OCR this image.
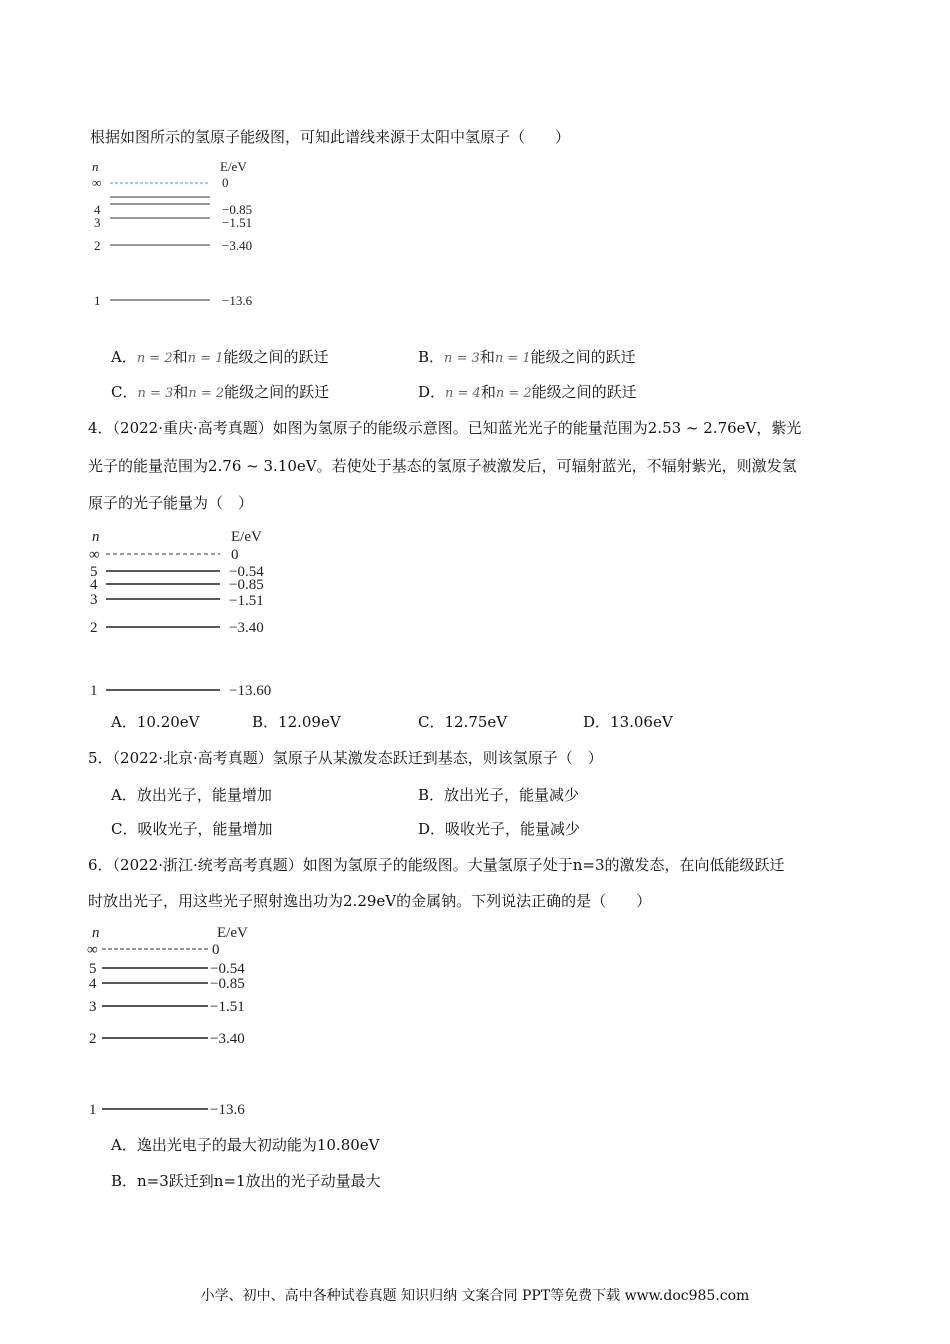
根据如图所示的氢原子能级图，可知此谱线来源于太阳中氢原子（　　）
n	E/eV
∞	0
4	−0.85
3	−1.51
2	−3.40
1	−13.6
A．n = 2和n = 1能级之间的跃迁	B．n = 3和n = 1能级之间的跃迁
C．n = 3和n = 2能级之间的跃迁	D．n = 4和n = 2能级之间的跃迁
4．（2022·重庆·高考真题）如图为氢原子的能级示意图。已知蓝光光子的能量范围为2.53 ~ 2.76eV，紫光
光子的能量范围为2.76 ~ 3.10eV。若使处于基态的氢原子被激发后，可辐射蓝光，不辐射紫光，则激发氢
原子的光子能量为（　）
n	E/eV
∞	0
5	−0.54
4	−0.85
3	−1.51
2	−3.40
1	−13.60
A．10.20eV	B．12.09eV	C．12.75eV	D．13.06eV
5．（2022·北京·高考真题）氢原子从某激发态跃迁到基态，则该氢原子（　）
A．放出光子，能量增加	B．放出光子，能量减少
C．吸收光子，能量增加	D．吸收光子，能量减少
6．（2022·浙江·统考高考真题）如图为氢原子的能级图。大量氢原子处于n=3的激发态，在向低能级跃迁
时放出光子，用这些光子照射逸出功为2.29eV的金属钠。下列说法正确的是（　　）
n	E/eV
∞	0
5	−0.54
4	−0.85
3	−1.51
2	−3.40
1	−13.6
A．逸出光电子的最大初动能为10.80eV
B．n=3跃迁到n=1放出的光子动量最大
小学、初中、高中各种试卷真题 知识归纳 文案合同 PPT等免费下载 www.doc985.com
